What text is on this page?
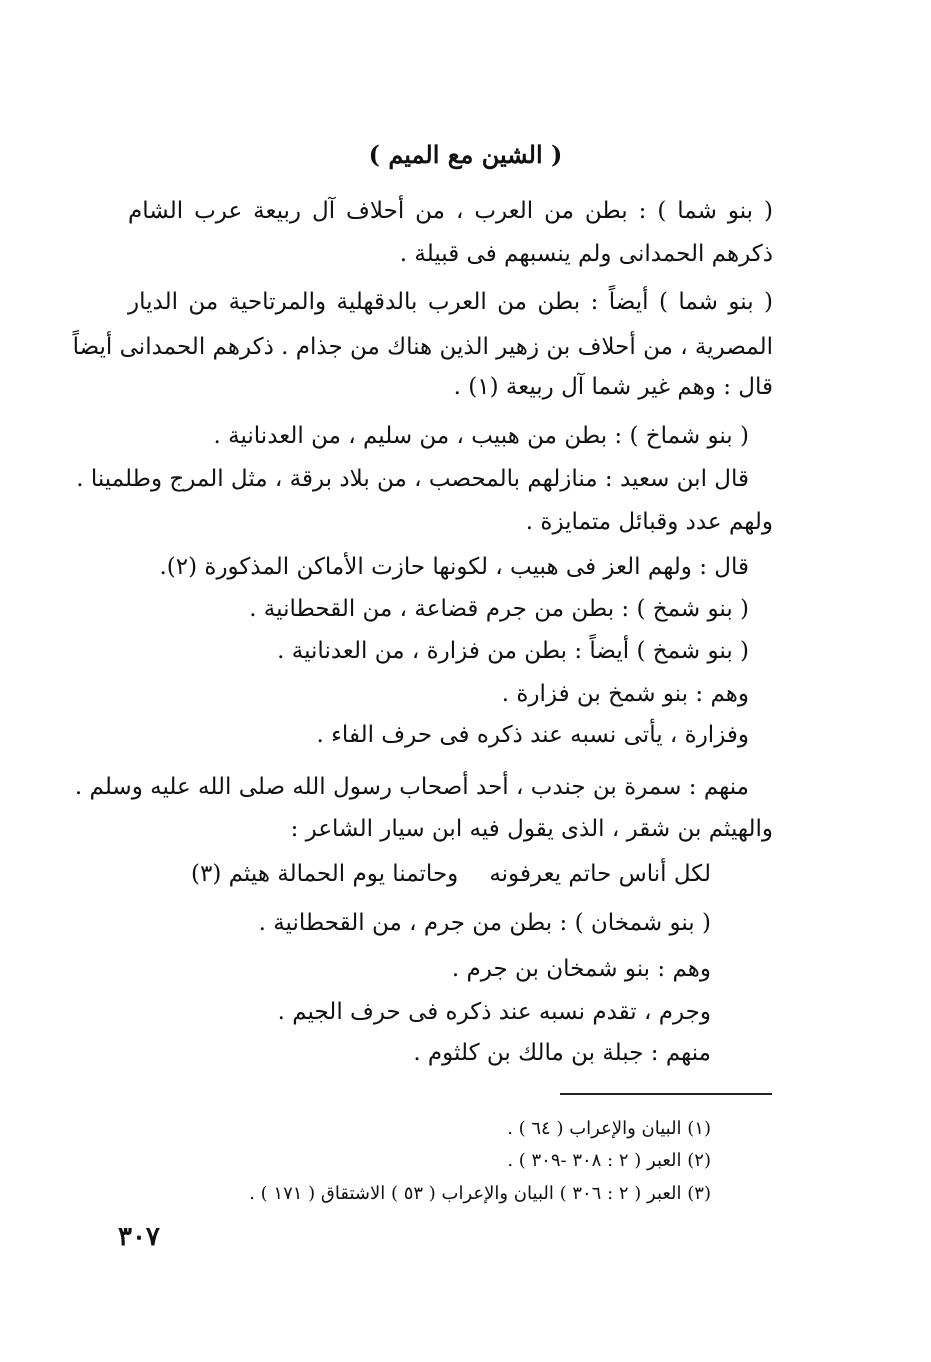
( الشين مع الميم )
( بنو شما ) : بطن من العرب ، من أحلاف آل ربيعة عرب الشام
ذكرهم الحمدانى ولم ينسبهم فى قبيلة .
( بنو شما ) أيضاً : بطن من العرب بالدقهلية والمرتاحية من الديار
المصرية ، من أحلاف بن زهير الذين هناك من جذام . ذكرهم الحمدانى أيضاً
قال : وهم غير شما آل ربيعة (١) .
( بنو شماخ ) : بطن من هبيب ، من سليم ، من العدنانية .
قال ابن سعيد : منازلهم بالمحصب ، من بلاد برقة ، مثل المرج وطلمينا .
ولهم عدد وقبائل متمايزة .
قال : ولهم العز فى هبيب ، لكونها حازت الأماكن المذكورة (٢).
( بنو شمخ ) : بطن من جرم قضاعة ، من القحطانية .
( بنو شمخ ) أيضاً : بطن من فزارة ، من العدنانية .
وهم : بنو شمخ بن فزارة .
وفزارة ، يأتى نسبه عند ذكره فى حرف الفاء .
منهم : سمرة بن جندب ، أحد أصحاب رسول الله صلى الله عليه وسلم .
والهيثم بن شقر ، الذى يقول فيه ابن سيار الشاعر :
لكل أناس حاتم يعرفونه
وحاتمنا يوم الحمالة هيثم (٣)
( بنو شمخان ) : بطن من جرم ، من القحطانية .
وهم : بنو شمخان بن جرم .
وجرم ، تقدم نسبه عند ذكره فى حرف الجيم .
منهم : جبلة بن مالك بن كلثوم .
(١) البيان والإعراب ( ٦٤ ) .
(٢) العبر ( ٢ : ٣٠٨ -٣٠٩ ) .
(٣) العبر ( ٢ : ٣٠٦ ) البيان والإعراب ( ٥٣ ) الاشتقاق ( ١٧١ ) .
٣٠٧
